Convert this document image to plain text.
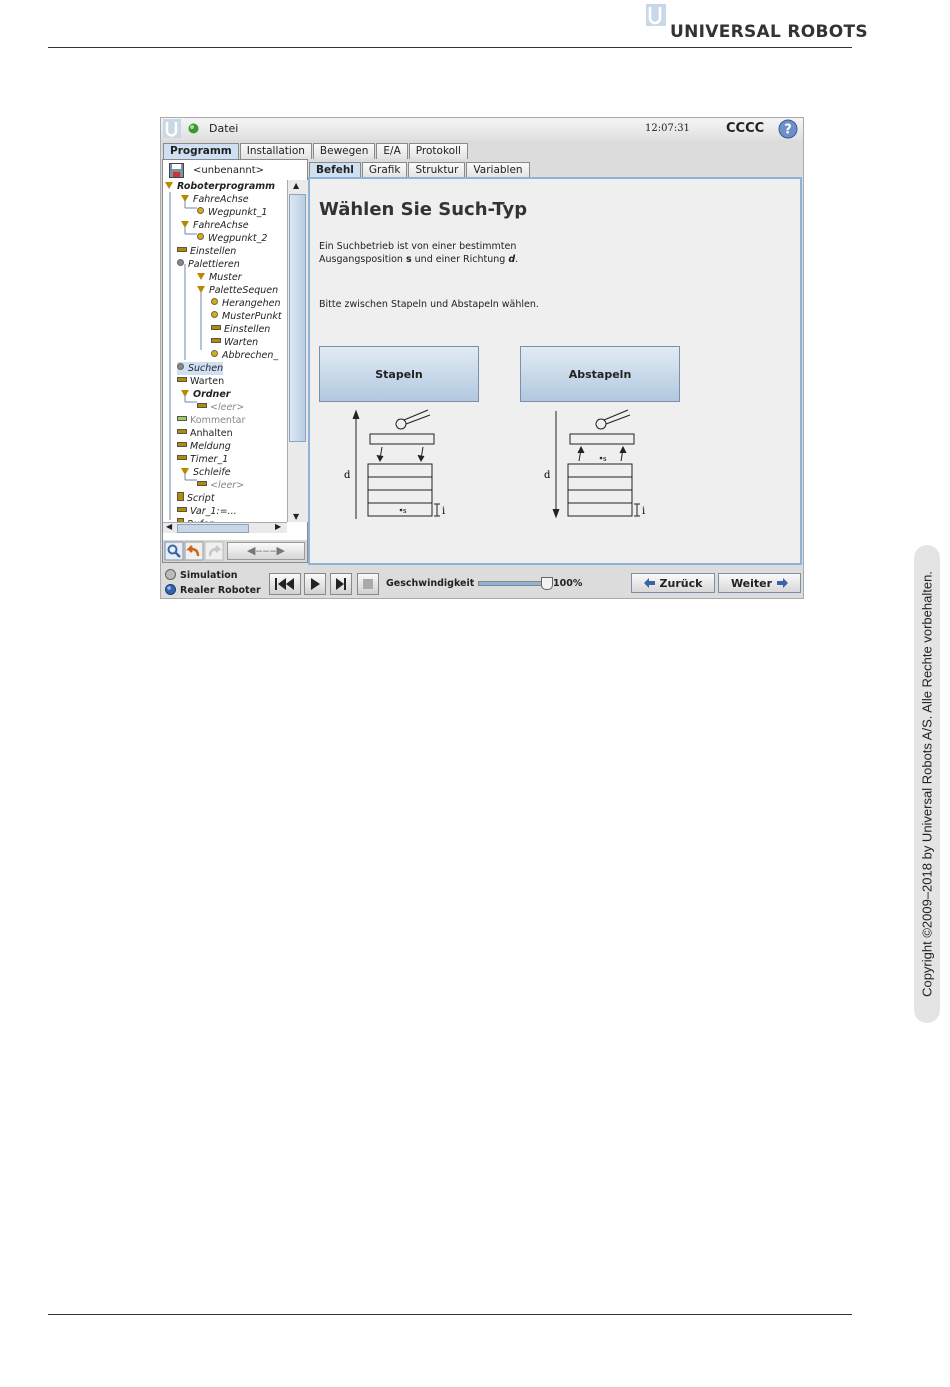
UNIVERSAL ROBOTS
Copyright ©2009–2018 by Universal Robots A/S. Alle Rechte vorbehalten.
Datei	12:07:31	CCCC ?
Programm	Installation	Bewegen	E/A	Protokoll
<unbenannt>
Roboterprogramm
FahreAchse
Wegpunkt_1
FahreAchse
Wegpunkt_2
Einstellen
Palettieren
Muster
PaletteSequen
Herangehen
MusterPunkt
Einstellen
Warten
Abbrechen_
Suchen
Warten
Ordner
<leer>
Kommentar
Anhalten
Meldung
Timer_1
Schleife
<leer>
Script
Var_1:=...
▲
▼
◀	▶
◀‒‒‒▶
Befehl	Grafik	Struktur	Variablen
Wählen Sie Such-Typ
Ein Suchbetrieb ist von einer bestimmten
Ausgangsposition s und einer Richtung d.
Bitte zwischen Stapeln und Abstapeln wählen.
Stapeln	Abstapeln
d
s	i
d
s
i
Simulation
Realer Roboter
Geschwindigkeit	100%	Zurück	Weiter
